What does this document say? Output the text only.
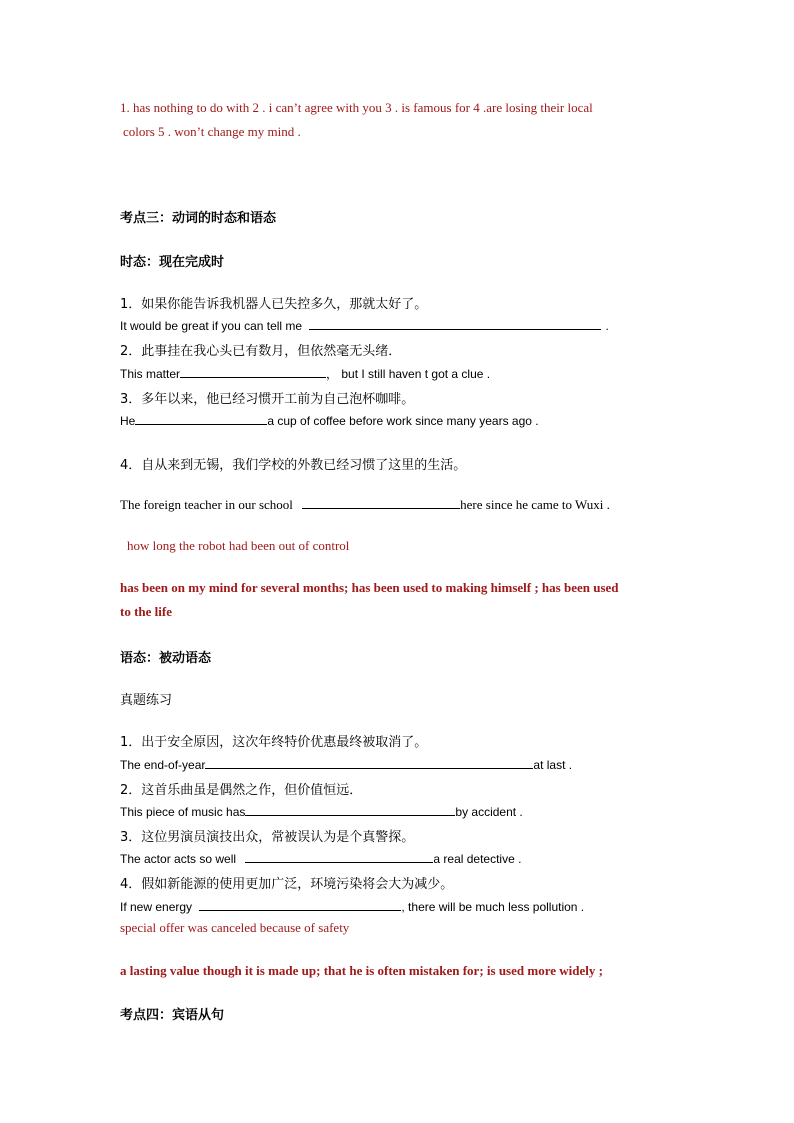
1. has nothing to do with 2 . i can’t agree with you 3 . is famous for 4 .are losing their local
colors 5 . won’t change my mind .
考点三：动词的时态和语态
时态：现在完成时
1．如果你能告诉我机器人已失控多久，那就太好了。
It would be great if you can tell me	.
2．此事挂在我心头已有数月，但依然毫无头绪．
This matter	， but I still haven t got a clue .
3．多年以来，他已经习惯开工前为自己泡杯咖啡。
He	a cup of coffee before work since many years ago .
4．自从来到无锡，我们学校的外教已经习惯了这里的生活。
The foreign teacher in our school	here since he came to Wuxi .
how long the robot had been out of control
has been on my mind for several months; has been used to making himself ; has been used
to the life
语态：被动语态
真题练习
1．出于安全原因，这次年终特价优惠最终被取消了。
The end-of-year	at last .
2．这首乐曲虽是偶然之作，但价值恒远．
This piece of music has	by accident .
3．这位男演员演技出众，常被误认为是个真警探。
The actor acts so well	a real detective .
4．假如新能源的使用更加广泛，环境污染将会大为减少。
If new energy	, there will be much less pollution .
special offer was canceled because of safety
a lasting value though it is made up; that he is often mistaken for; is used more widely ;
考点四：宾语从句
